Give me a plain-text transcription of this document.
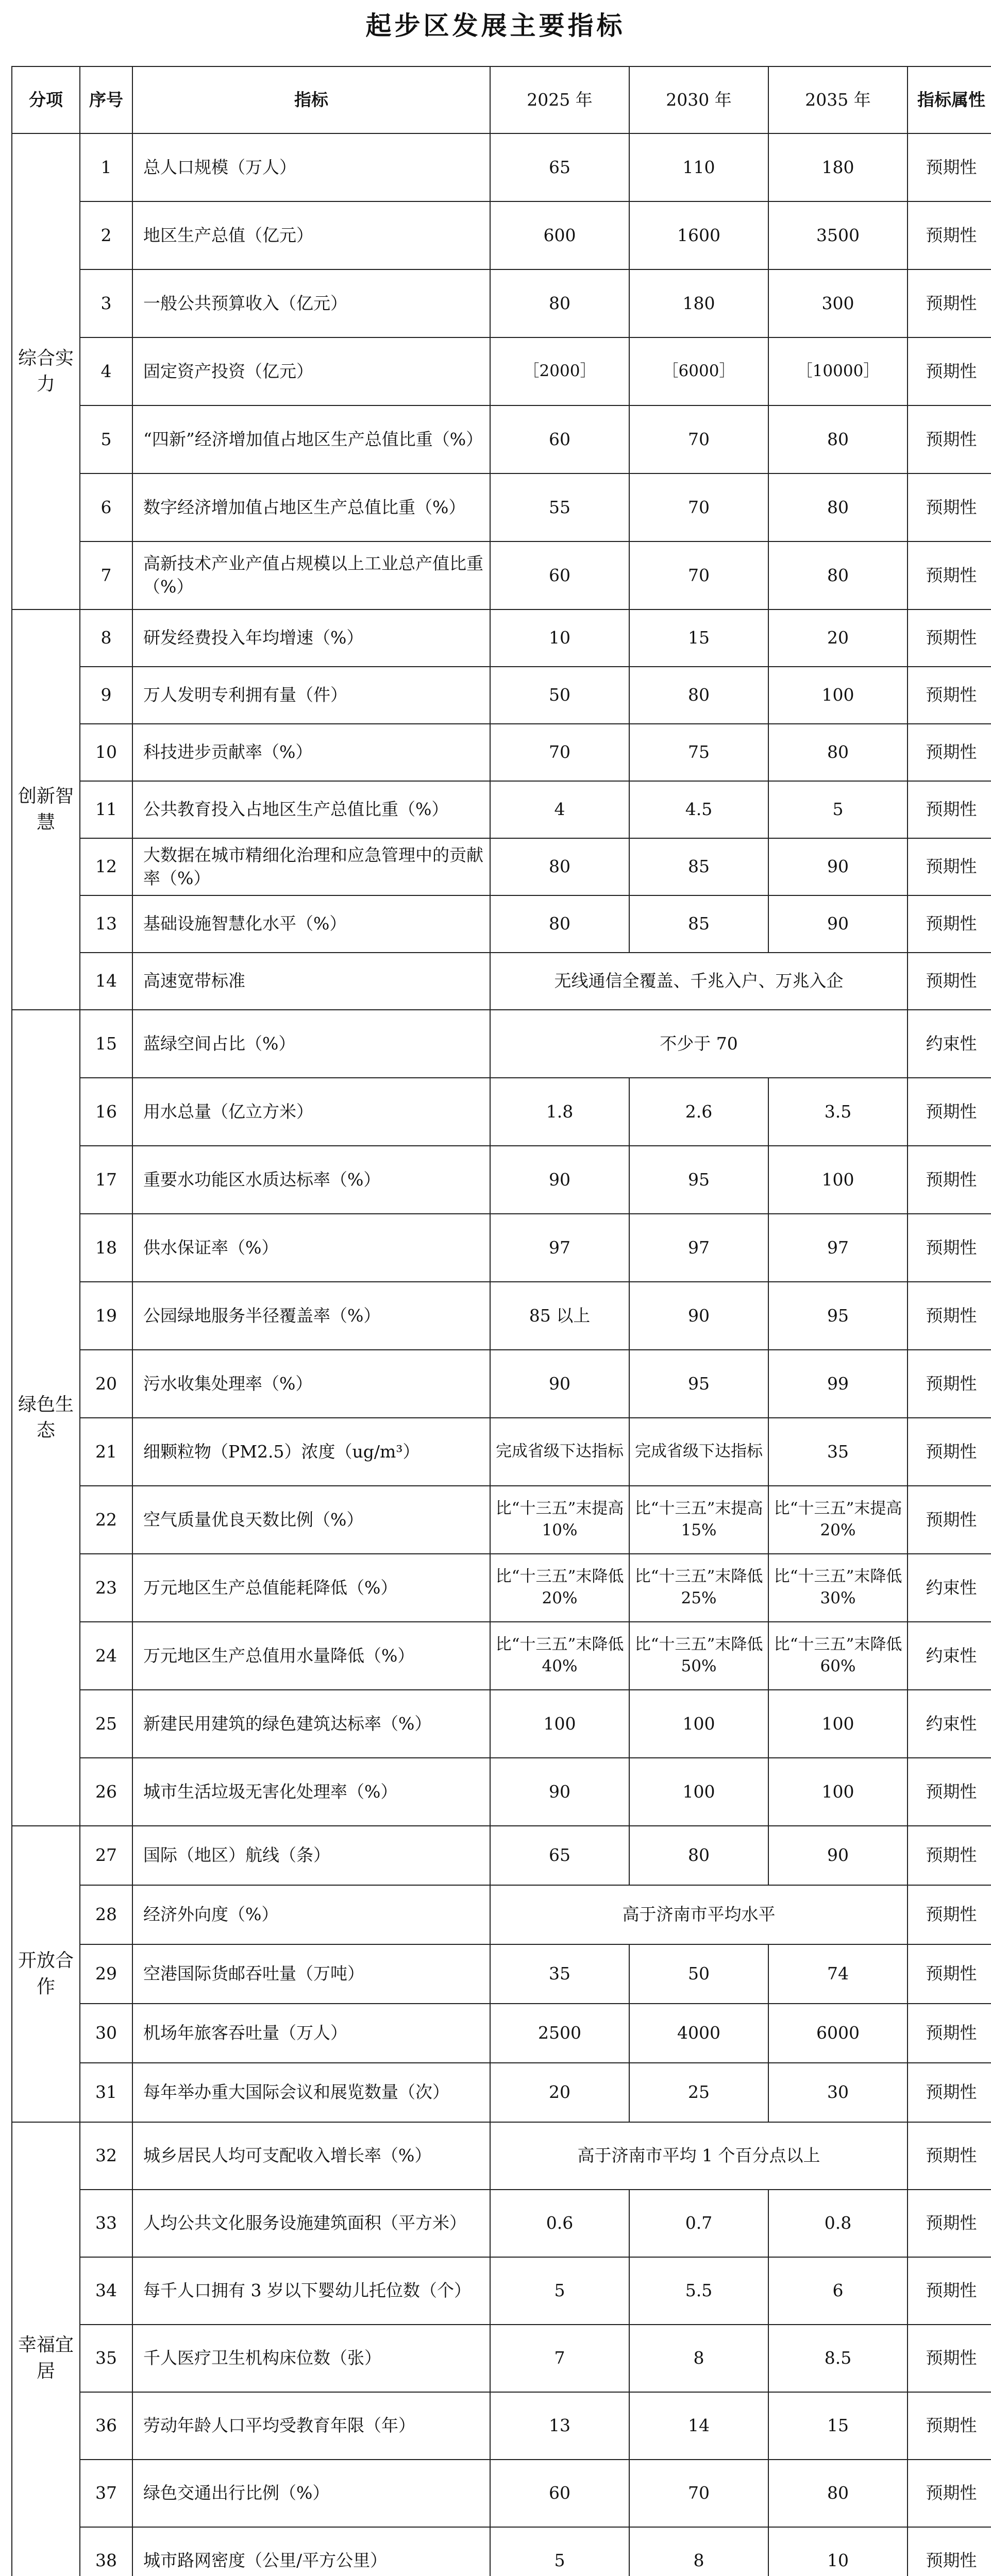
起步区发展主要指标
分项	序号	指标	2025 年	2030 年	2035 年	指标属性
综合实力	1	总人口规模（万人）	65	110	180	预期性
	2	地区生产总值（亿元）	600	1600	3500	预期性
	3	一般公共预算收入（亿元）	80	180	300	预期性
	4	固定资产投资（亿元）	［2000］	［6000］	［10000］	预期性
	5	“四新”经济增加值占地区生产总值比重（%）	60	70	80	预期性
	6	数字经济增加值占地区生产总值比重（%）	55	70	80	预期性
	7	高新技术产业产值占规模以上工业总产值比重（%）	60	70	80	预期性
创新智慧	8	研发经费投入年均增速（%）	10	15	20	预期性
	9	万人发明专利拥有量（件）	50	80	100	预期性
	10	科技进步贡献率（%）	70	75	80	预期性
	11	公共教育投入占地区生产总值比重（%）	4	4.5	5	预期性
	12	大数据在城市精细化治理和应急管理中的贡献率（%）	80	85	90	预期性
	13	基础设施智慧化水平（%）	80	85	90	预期性
	14	高速宽带标准	无线通信全覆盖、千兆入户、万兆入企			预期性
绿色生态	15	蓝绿空间占比（%）	不少于 70			约束性
	16	用水总量（亿立方米）	1.8	2.6	3.5	预期性
	17	重要水功能区水质达标率（%）	90	95	100	预期性
	18	供水保证率（%）	97	97	97	预期性
	19	公园绿地服务半径覆盖率（%）	85 以上	90	95	预期性
	20	污水收集处理率（%）	90	95	99	预期性
	21	细颗粒物（PM2.5）浓度（ug/m³）	完成省级下达指标	完成省级下达指标	35	预期性
	22	空气质量优良天数比例（%）	比“十三五”末提高 10%	比“十三五”末提高 15%	比“十三五”末提高 20%	预期性
	23	万元地区生产总值能耗降低（%）	比“十三五”末降低 20%	比“十三五”末降低 25%	比“十三五”末降低 30%	约束性
	24	万元地区生产总值用水量降低（%）	比“十三五”末降低 40%	比“十三五”末降低 50%	比“十三五”末降低 60%	约束性
	25	新建民用建筑的绿色建筑达标率（%）	100	100	100	约束性
	26	城市生活垃圾无害化处理率（%）	90	100	100	预期性
开放合作	27	国际（地区）航线（条）	65	80	90	预期性
	28	经济外向度（%）	高于济南市平均水平			预期性
	29	空港国际货邮吞吐量（万吨）	35	50	74	预期性
	30	机场年旅客吞吐量（万人）	2500	4000	6000	预期性
	31	每年举办重大国际会议和展览数量（次）	20	25	30	预期性
幸福宜居	32	城乡居民人均可支配收入增长率（%）	高于济南市平均 1 个百分点以上			预期性
	33	人均公共文化服务设施建筑面积（平方米）	0.6	0.7	0.8	预期性
	34	每千人口拥有 3 岁以下婴幼儿托位数（个）	5	5.5	6	预期性
	35	千人医疗卫生机构床位数（张）	7	8	8.5	预期性
	36	劳动年龄人口平均受教育年限（年）	13	14	15	预期性
	37	绿色交通出行比例（%）	60	70	80	预期性
	38	城市路网密度（公里/平方公里）	5	8	10	预期性
